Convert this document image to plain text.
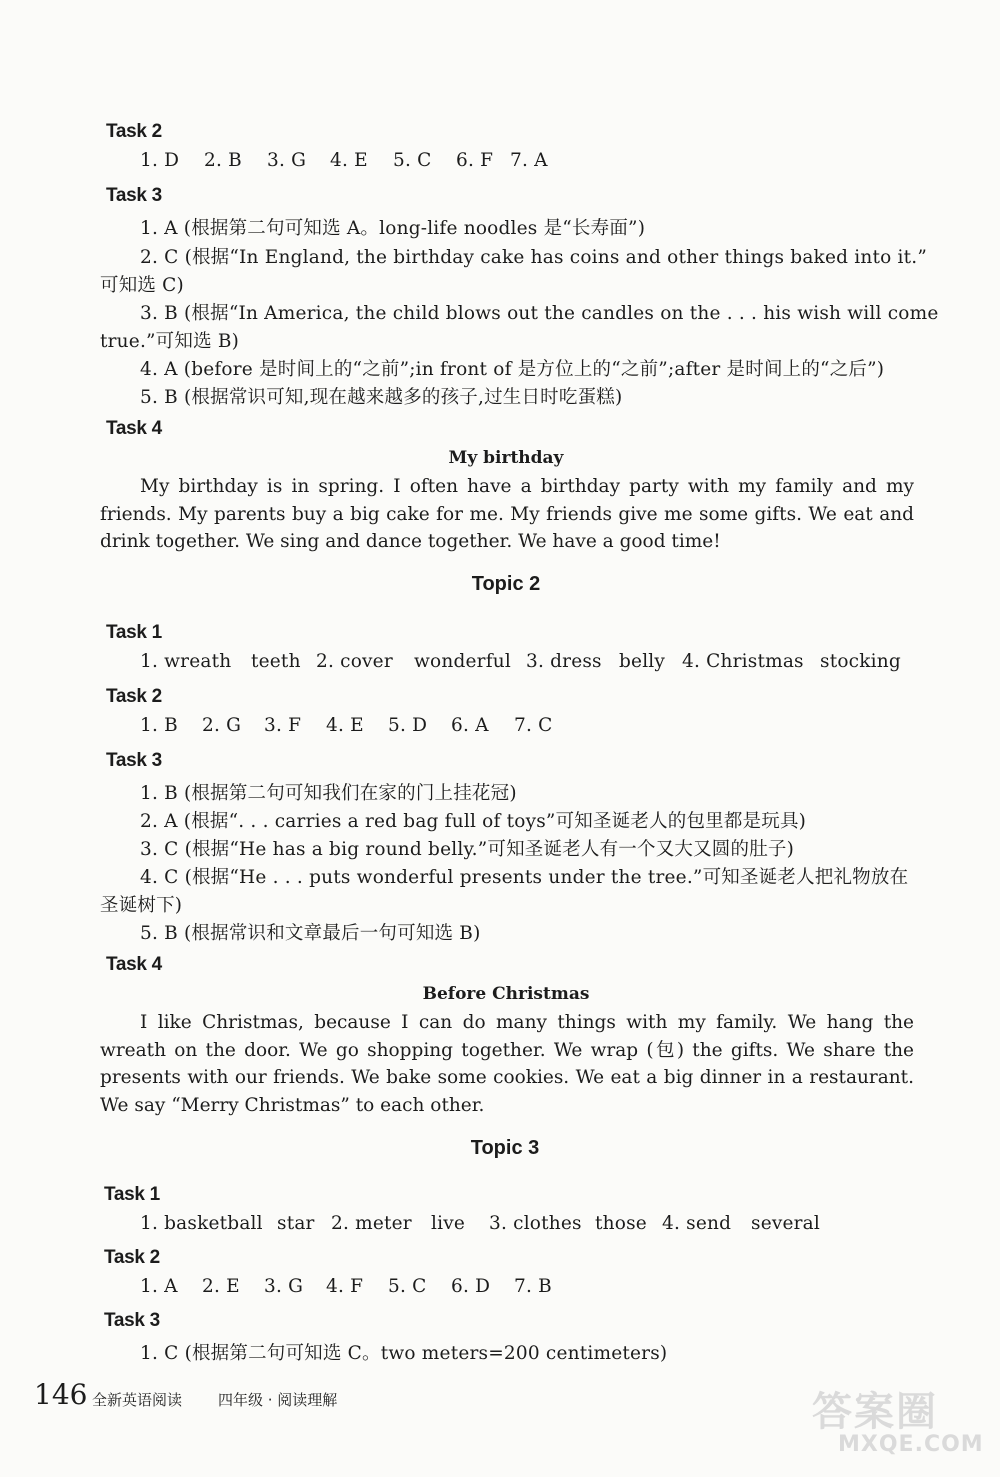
Task 2
1. D 2. B 3. G 4. E 5. C 6. F 7. A
Task 3
1. A (根据第二句可知选 A。long-life noodles 是“长寿面”)
2. C (根据“In England, the birthday cake has coins and other things baked into it.”
可知选 C)
3. B (根据“In America, the child blows out the candles on the . . . his wish will come
true.”可知选 B)
4. A (before 是时间上的“之前”;in front of 是方位上的“之前”;after 是时间上的“之后”)
5. B (根据常识可知,现在越来越多的孩子,过生日时吃蛋糕)
Task 4
My birthday
My birthday is in spring. I often have a birthday party with my family and my friends. My parents buy a big cake for me. My friends give me some gifts. We eat and drink together. We sing and dance together. We have a good time!
Topic 2
Task 1
1. wreath teeth 2. cover wonderful 3. dress belly 4. Christmas stocking
Task 2
1. B 2. G 3. F 4. E 5. D 6. A 7. C
Task 3
1. B (根据第二句可知我们在家的门上挂花冠)
2. A (根据“. . . carries a red bag full of toys”可知圣诞老人的包里都是玩具)
3. C (根据“He has a big round belly.”可知圣诞老人有一个又大又圆的肚子)
4. C (根据“He . . . puts wonderful presents under the tree.”可知圣诞老人把礼物放在
圣诞树下)
5. B (根据常识和文章最后一句可知选 B)
Task 4
Before Christmas
I like Christmas, because I can do many things with my family. We hang the wreath on the door. We go shopping together. We wrap (包) the gifts. We share the presents with our friends. We bake some cookies. We eat a big dinner in a restaurant. We say “Merry Christmas” to each other.
Topic 3
Task 1
1. basketball star 2. meter live 3. clothes those 4. send several
Task 2
1. A 2. E 3. G 4. F 5. C 6. D 7. B
Task 3
1. C (根据第二句可知选 C。two meters=200 centimeters)
146 全新英语阅读 四年级 · 阅读理解	答案圈
MXQE.COM
